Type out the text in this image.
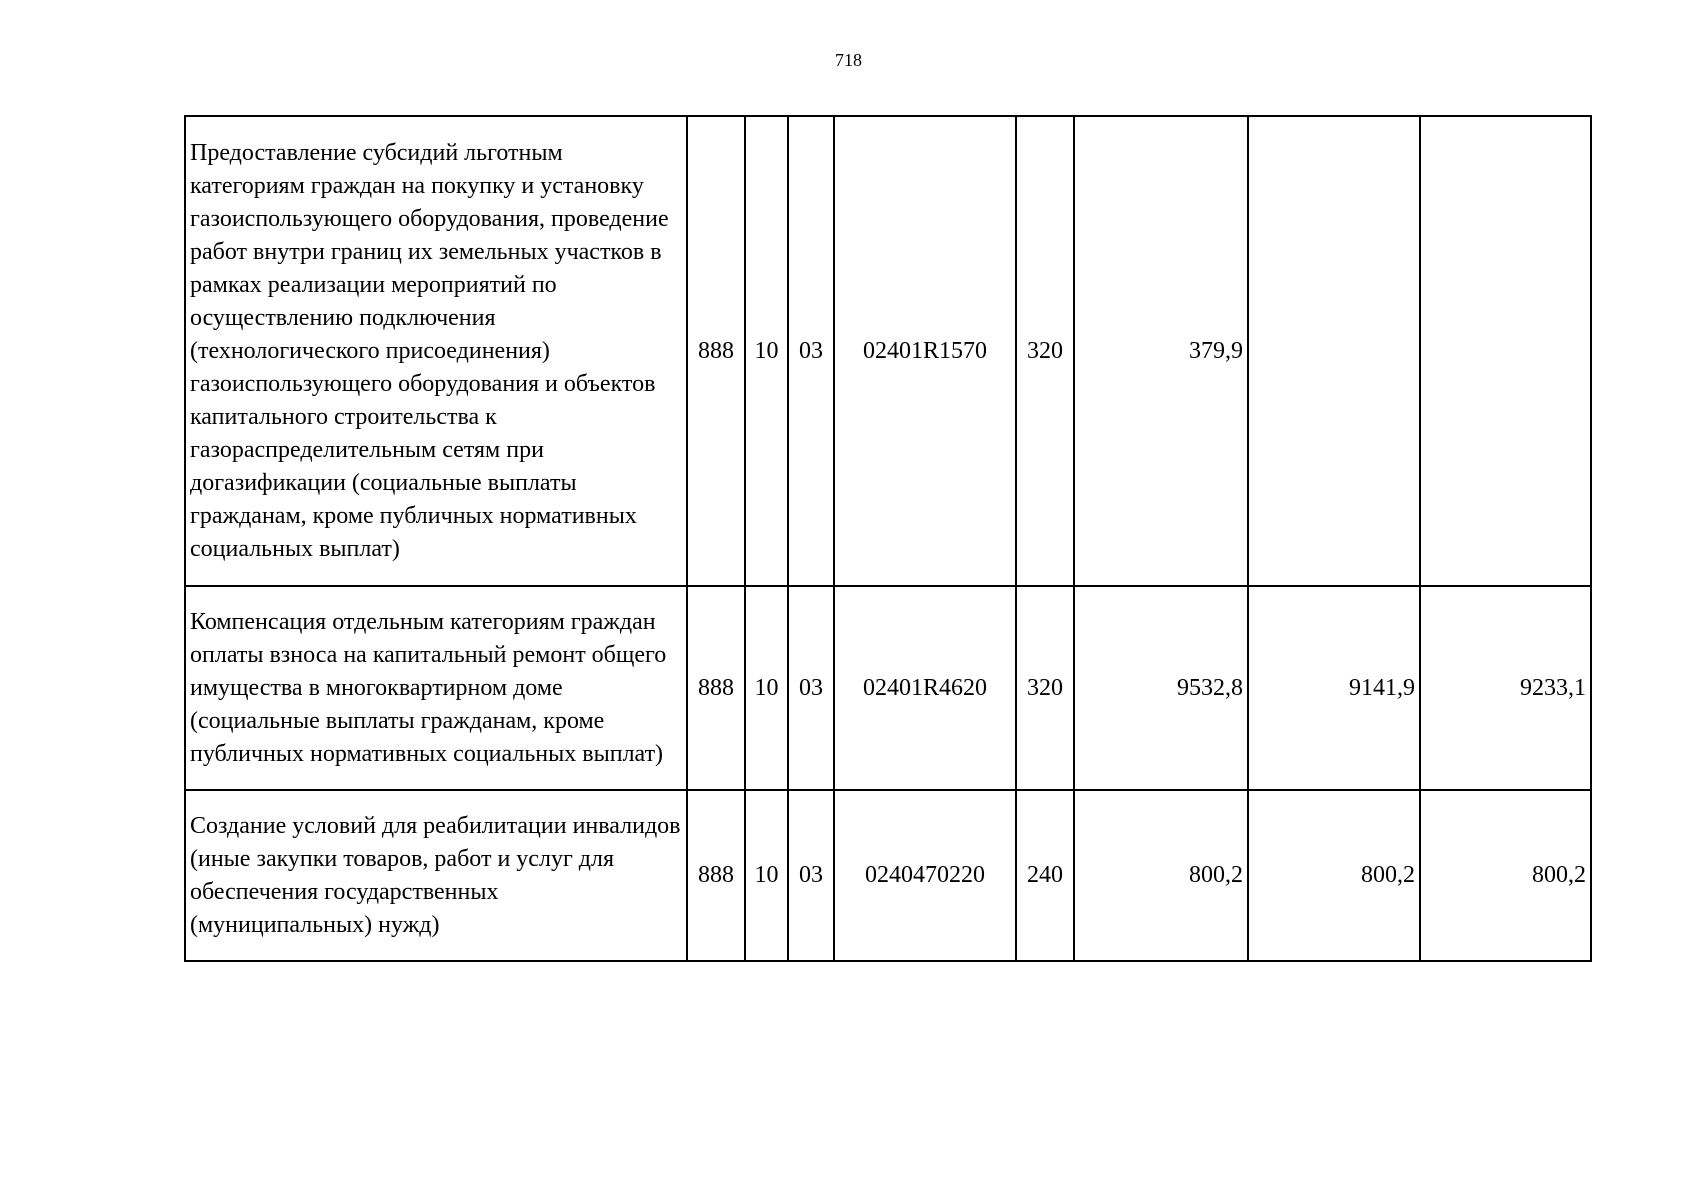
718
Предоставление субсидий льготным категориям граждан на покупку и установку газоиспользующего оборудования, проведение работ внутри границ их земельных участков в рамках реализации мероприятий по осуществлению подключения (технологического присоединения) газоиспользующего оборудования и объектов капитального строительства к газораспределительным сетям при догазификации (социальные выплаты гражданам, кроме публичных нормативных социальных выплат)	888	10	03	02401R1570	320	379,9		
Компенсация отдельным категориям граждан оплаты взноса на капитальный ремонт общего имущества в многоквартирном доме (социальные выплаты гражданам, кроме публичных нормативных социальных выплат)	888	10	03	02401R4620	320	9532,8	9141,9	9233,1
Создание условий для реабилитации инвалидов (иные закупки товаров, работ и услуг для обеспечения государственных (муниципальных) нужд)	888	10	03	0240470220	240	800,2	800,2	800,2
